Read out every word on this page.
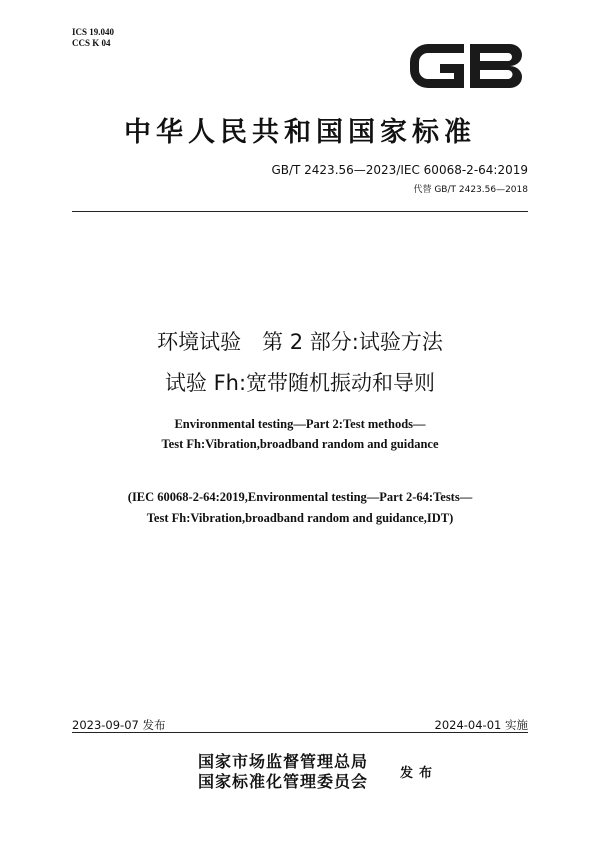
ICS 19.040
CCS K 04
中华人民共和国国家标准
GB/T 2423.56—2023/IEC 60068-2-64:2019
代替 GB/T 2423.56—2018
环境试验　第 2 部分:试验方法
试验 Fh:宽带随机振动和导则
Environmental testing—Part 2:Test methods—
Test Fh:Vibration,broadband random and guidance
(IEC 60068-2-64:2019,Environmental testing—Part 2-64:Tests—
Test Fh:Vibration,broadband random and guidance,IDT)
2023-09-07 发布	2024-04-01 实施
国家市场监督管理总局
国家标准化管理委员会 发布
